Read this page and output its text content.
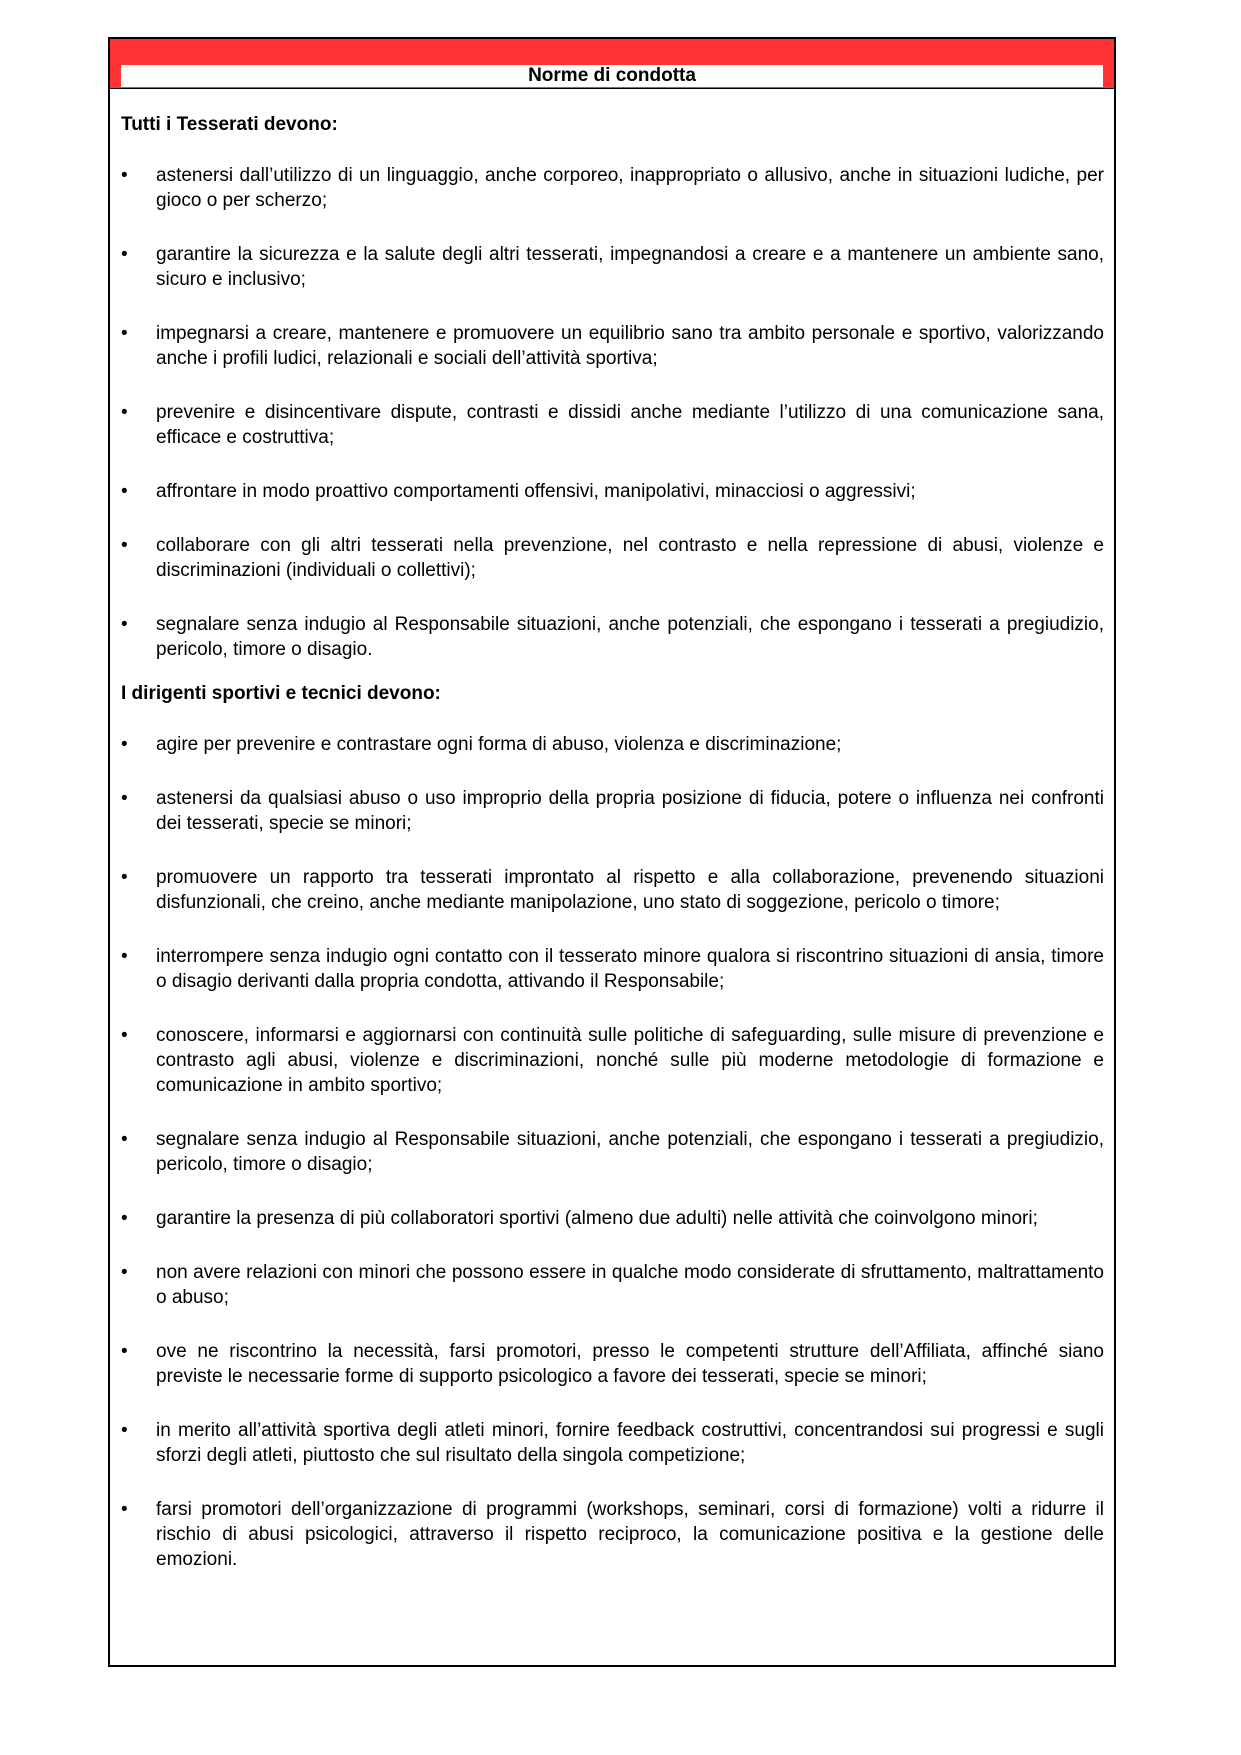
Norme di condotta

Tutti i Tesserati devono:

•	astenersi dall’utilizzo di un linguaggio, anche corporeo, inappropriato o allusivo, anche in situazioni ludiche, per gioco o per scherzo;
•	garantire la sicurezza e la salute degli altri tesserati, impegnandosi a creare e a mantenere un ambiente sano, sicuro e inclusivo;
•	impegnarsi a creare, mantenere e promuovere un equilibrio sano tra ambito personale e sportivo, valorizzando anche i profili ludici, relazionali e sociali dell’attività sportiva;
•	prevenire e disincentivare dispute, contrasti e dissidi anche mediante l’utilizzo di una comunicazione sana, efficace e costruttiva;
•	affrontare in modo proattivo comportamenti offensivi, manipolativi, minacciosi o aggressivi;
•	collaborare con gli altri tesserati nella prevenzione, nel contrasto e nella repressione di abusi, violenze e discriminazioni (individuali o collettivi);
•	segnalare senza indugio al Responsabile situazioni, anche potenziali, che espongano i tesserati a pregiudizio, pericolo, timore o disagio.

I dirigenti sportivi e tecnici devono:

•	agire per prevenire e contrastare ogni forma di abuso, violenza e discriminazione;
•	astenersi da qualsiasi abuso o uso improprio della propria posizione di fiducia, potere o influenza nei confronti dei tesserati, specie se minori;
•	promuovere un rapporto tra tesserati improntato al rispetto e alla collaborazione, prevenendo situazioni disfunzionali, che creino, anche mediante manipolazione, uno stato di soggezione, pericolo o timore;
•	interrompere senza indugio ogni contatto con il tesserato minore qualora si riscontrino situazioni di ansia, timore o disagio derivanti dalla propria condotta, attivando il Responsabile;
•	conoscere, informarsi e aggiornarsi con continuità sulle politiche di safeguarding, sulle misure di prevenzione e contrasto agli abusi, violenze e discriminazioni, nonché sulle più moderne metodologie di formazione e comunicazione in ambito sportivo;
•	segnalare senza indugio al Responsabile situazioni, anche potenziali, che espongano i tesserati a pregiudizio, pericolo, timore o disagio;
•	garantire la presenza di più collaboratori sportivi (almeno due adulti) nelle attività che coinvolgono minori;
•	non avere relazioni con minori che possono essere in qualche modo considerate di sfruttamento, maltrattamento o abuso;
•	ove ne riscontrino la necessità, farsi promotori, presso le competenti strutture dell’Affiliata, affinché siano previste le necessarie forme di supporto psicologico a favore dei tesserati, specie se minori;
•	in merito all’attività sportiva degli atleti minori, fornire feedback costruttivi, concentrandosi sui progressi e sugli sforzi degli atleti, piuttosto che sul risultato della singola competizione;
•	farsi promotori dell’organizzazione di programmi (workshops, seminari, corsi di formazione) volti a ridurre il rischio di abusi psicologici, attraverso il rispetto reciproco, la comunicazione positiva e la gestione delle emozioni.
